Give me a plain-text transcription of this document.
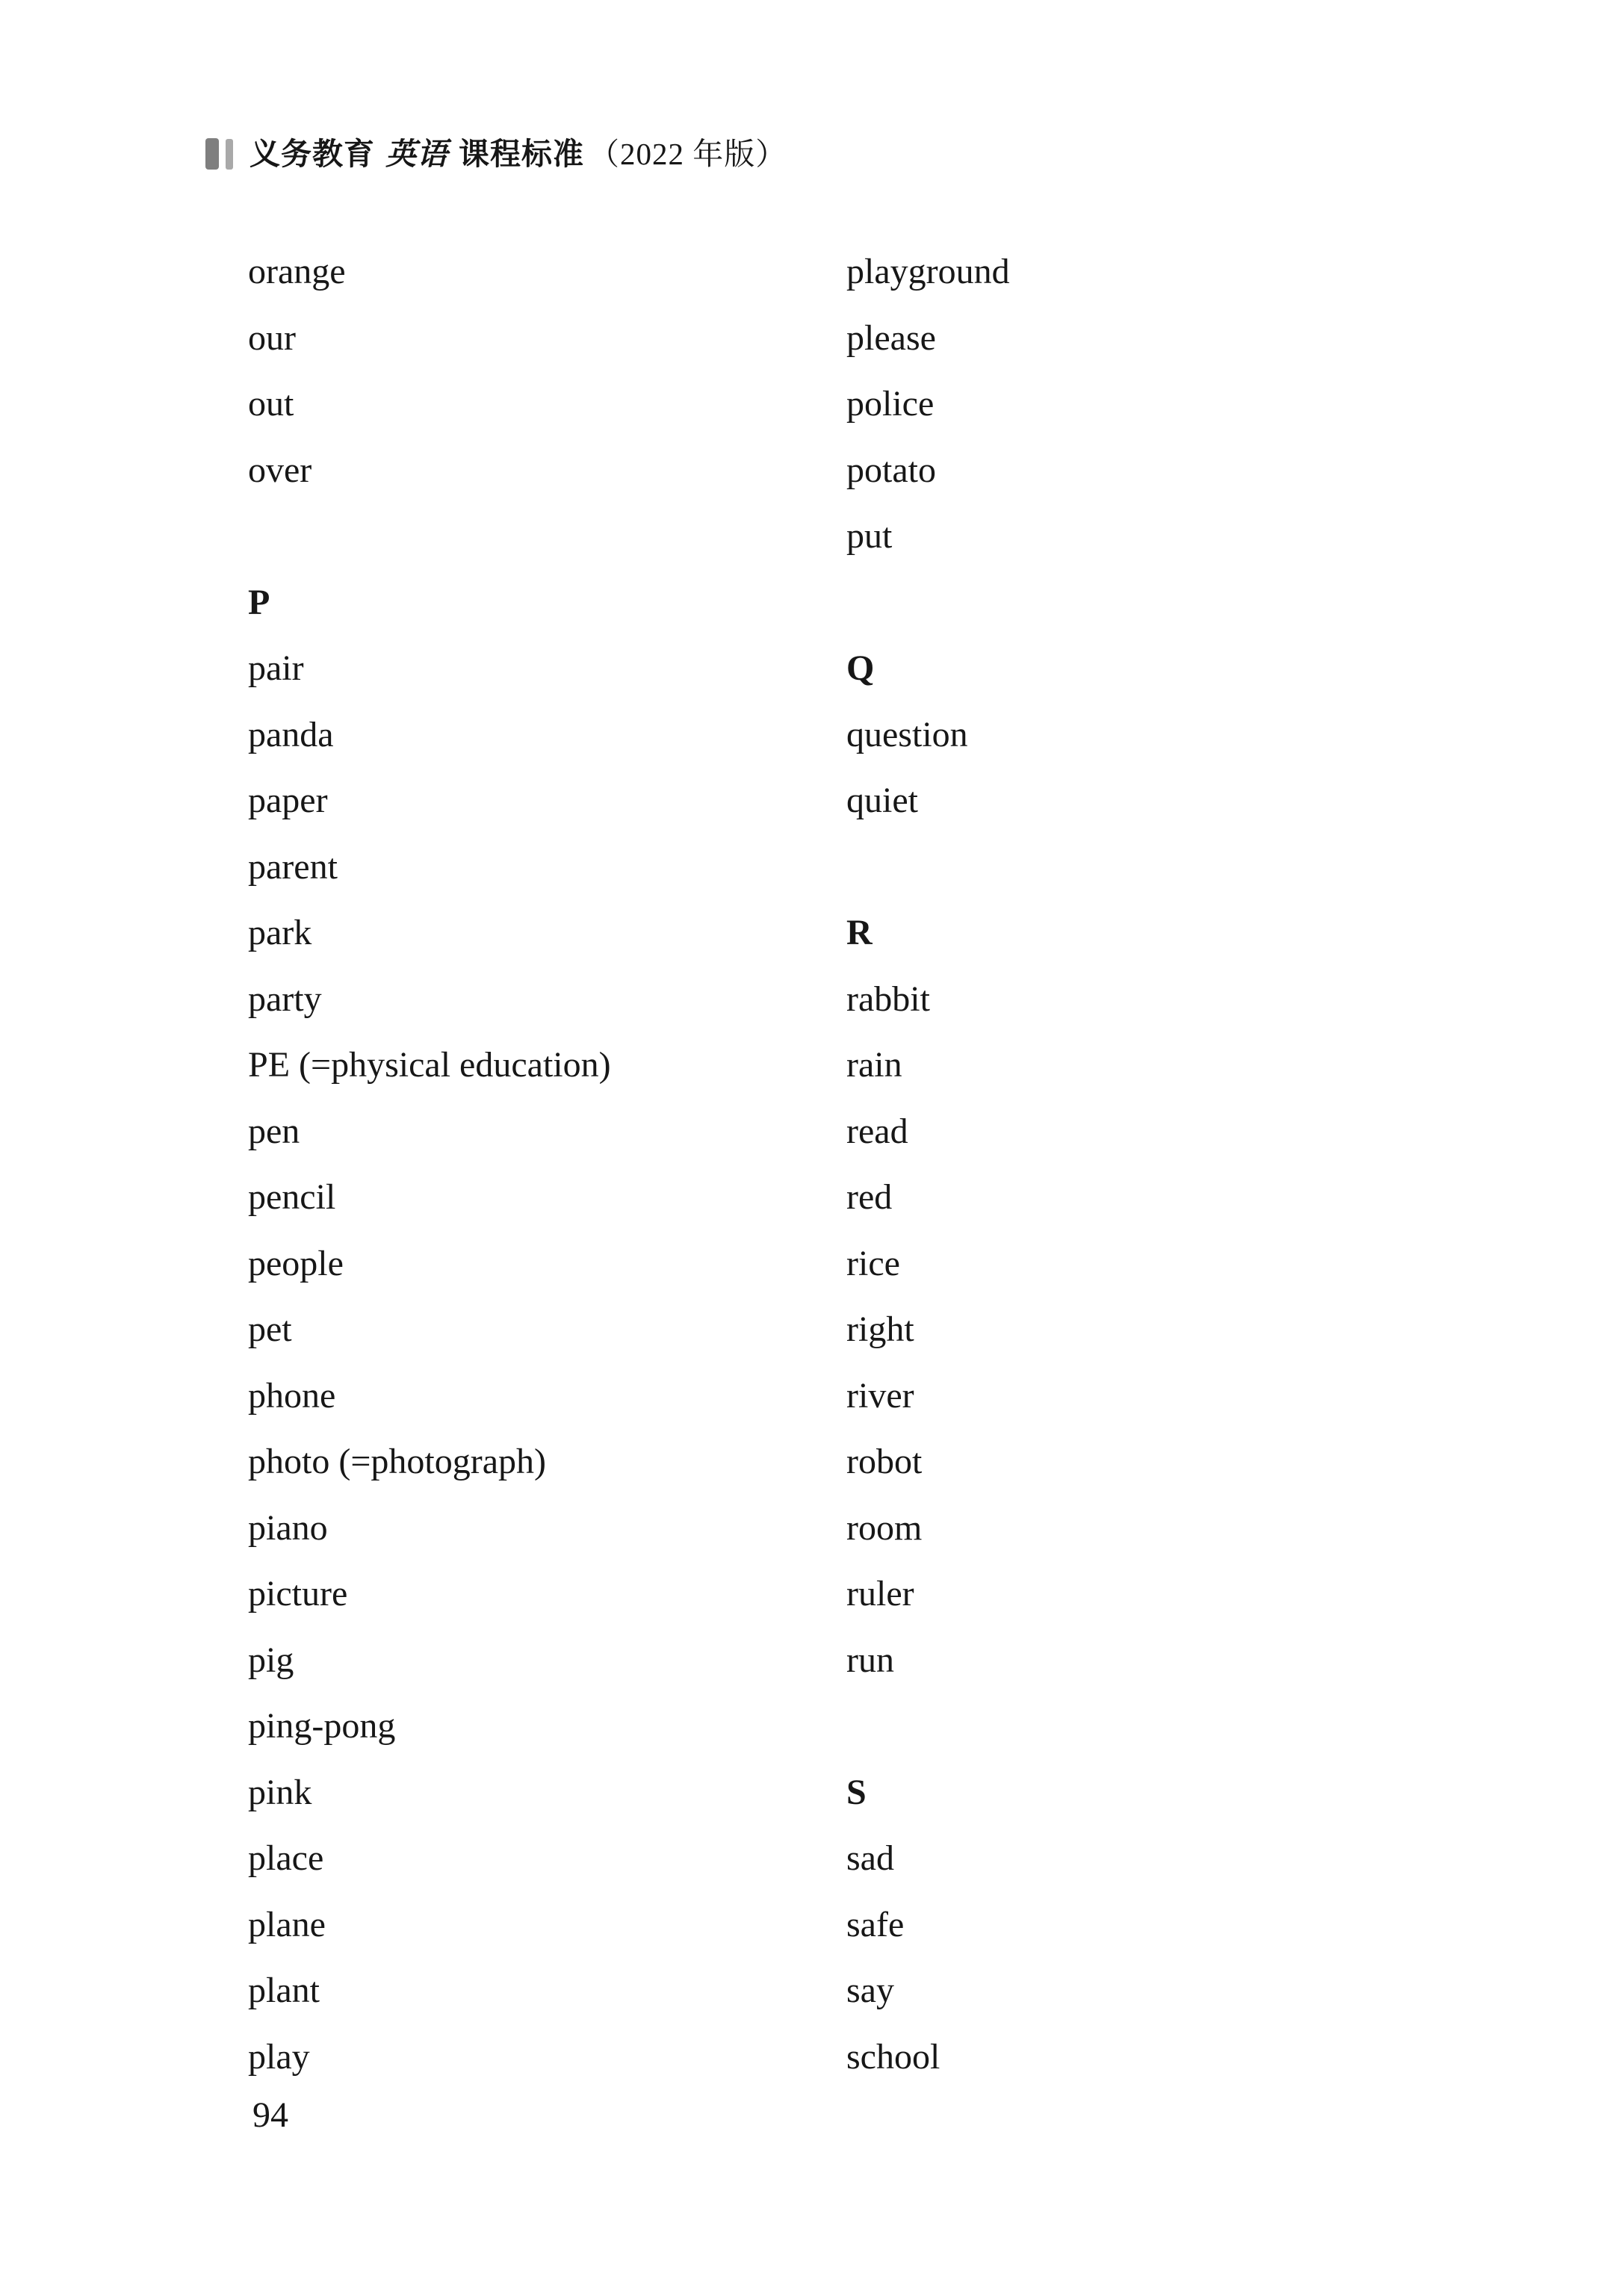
义务教育 英语 课程标准 （2022 年版）
orange
our
out
over
P
pair
panda
paper
parent
park
party
PE (=physical education)
pen
pencil
people
pet
phone
photo (=photograph)
piano
picture
pig
ping-pong
pink
place
plane
plant
play
playground
please
police
potato
put
Q
question
quiet
R
rabbit
rain
read
red
rice
right
river
robot
room
ruler
run
S
sad
safe
say
school
94
